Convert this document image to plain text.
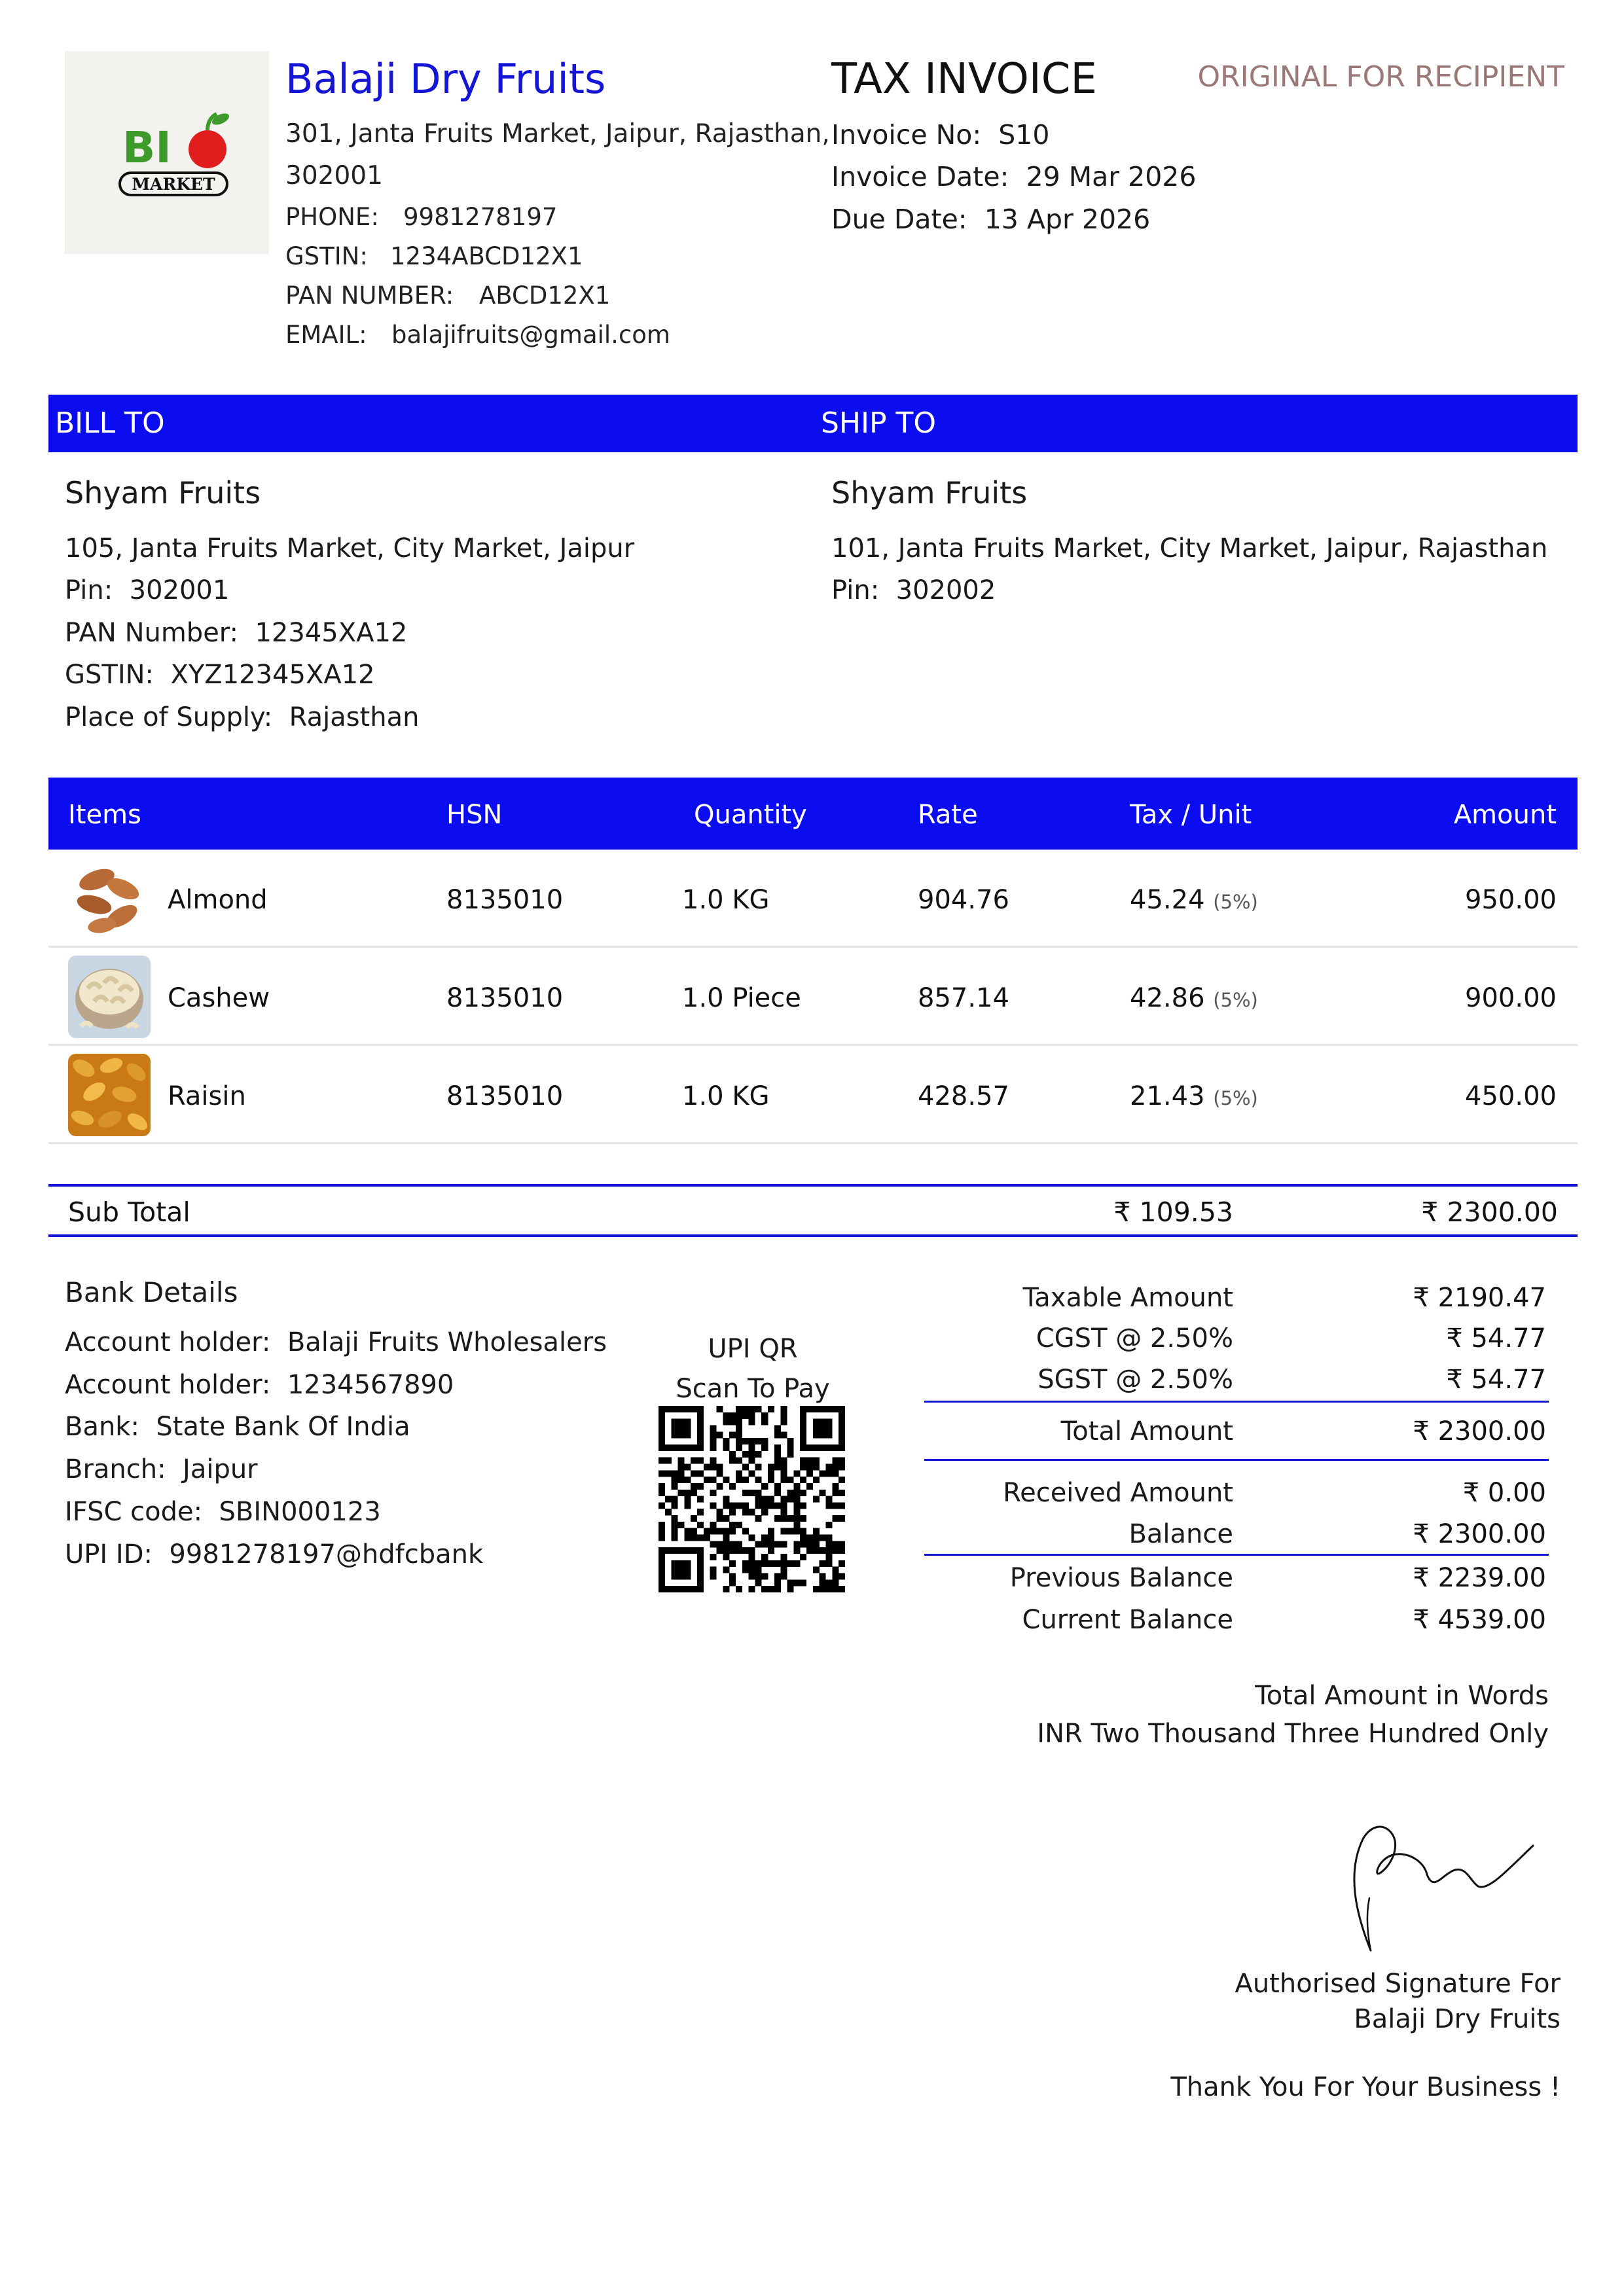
BI
MARKET
Balaji Dry Fruits
301, Janta Fruits Market, Jaipur, Rajasthan,
302001
PHONE: 9981278197
GSTIN: 1234ABCD12X1
PAN NUMBER: ABCD12X1
EMAIL: balajifruits@gmail.com
TAX INVOICE	ORIGINAL FOR RECIPIENT
Invoice No: S10
Invoice Date: 29 Mar 2026
Due Date: 13 Apr 2026
BILL TO	SHIP TO
Shyam Fruits
105, Janta Fruits Market, City Market, Jaipur
Pin: 302001
PAN Number: 12345XA12
GSTIN: XYZ12345XA12
Place of Supply: Rajasthan
Shyam Fruits
101, Janta Fruits Market, City Market, Jaipur, Rajasthan
Pin: 302002
Items	HSN	Quantity	Rate	Tax / Unit	Amount
Almond	8135010	1.0 KG	904.76	45.24 (5%)	950.00
Cashew	8135010	1.0 Piece	857.14	42.86 (5%)	900.00
Raisin	8135010	1.0 KG	428.57	21.43 (5%)	450.00
Sub Total	₹ 109.53	₹ 2300.00
Bank Details
Account holder: Balaji Fruits Wholesalers
Account holder: 1234567890
Bank: State Bank Of India
Branch: Jaipur
IFSC code: SBIN000123
UPI ID: 9981278197@hdfcbank
UPI QR
Scan To Pay
Taxable Amount	₹ 2190.47
CGST @ 2.50%	₹ 54.77
SGST @ 2.50%	₹ 54.77
Total Amount	₹ 2300.00
Received Amount	₹ 0.00
Balance	₹ 2300.00
Previous Balance	₹ 2239.00
Current Balance	₹ 4539.00
Total Amount in Words
INR Two Thousand Three Hundred Only
Authorised Signature For
Balaji Dry Fruits
Thank You For Your Business !
